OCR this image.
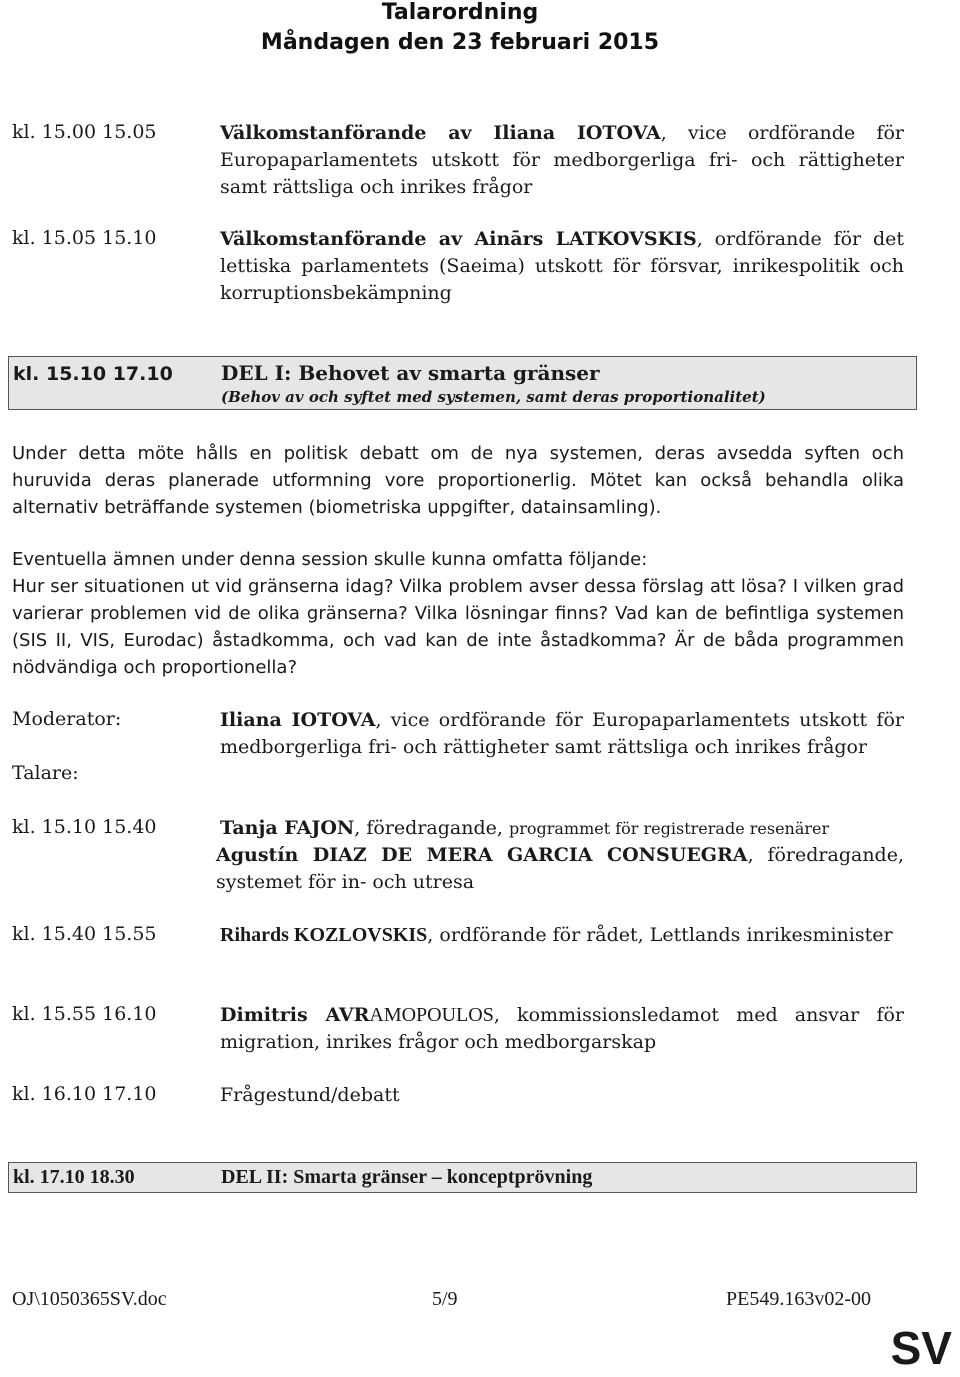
Talarordning
Måndagen den 23 februari 2015
kl. 15.00 15.05	Välkomstanförande av Iliana IOTOVA, vice ordförande för Europaparlamentets utskott för medborgerliga fri- och rättigheter samt rättsliga och inrikes frågor
kl. 15.05 15.10	Välkomstanförande av Ainārs LATKOVSKIS, ordförande för det lettiska parlamentets (Saeima) utskott för försvar, inrikespolitik och korruptionsbekämpning
kl. 15.10 17.10 DEL I: Behovet av smarta gränser
(Behov av och syftet med systemen, samt deras proportionalitet)
Under detta möte hålls en politisk debatt om de nya systemen, deras avsedda syften och huruvida deras planerade utformning vore proportionerlig. Mötet kan också behandla olika alternativ beträffande systemen (biometriska uppgifter, datainsamling).
Eventuella ämnen under denna session skulle kunna omfatta följande:
Hur ser situationen ut vid gränserna idag? Vilka problem avser dessa förslag att lösa? I vilken grad varierar problemen vid de olika gränserna? Vilka lösningar finns? Vad kan de befintliga systemen (SIS II, VIS, Eurodac) åstadkomma, och vad kan de inte åstadkomma? Är de båda programmen nödvändiga och proportionella?
Moderator:	Iliana IOTOVA, vice ordförande för Europaparlamentets utskott för medborgerliga fri- och rättigheter samt rättsliga och inrikes frågor
Talare:
kl. 15.10 15.40	Tanja FAJON, föredragande, programmet för registrerade resenärer
Agustín DIAZ DE MERA GARCIA CONSUEGRA, föredragande, systemet för in- och utresa
kl. 15.40 15.55	Rihards KOZLOVSKIS, ordförande för rådet, Lettlands inrikesminister
kl. 15.55 16.10	Dimitris AVRAMOPOULOS, kommissionsledamot med ansvar för migration, inrikes frågor och medborgarskap
kl. 16.10 17.10	Frågestund/debatt
kl. 17.10 18.30	DEL II: Smarta gränser – konceptprövning
OJ\1050365SV.doc	5/9	PE549.163v02-00
SV
